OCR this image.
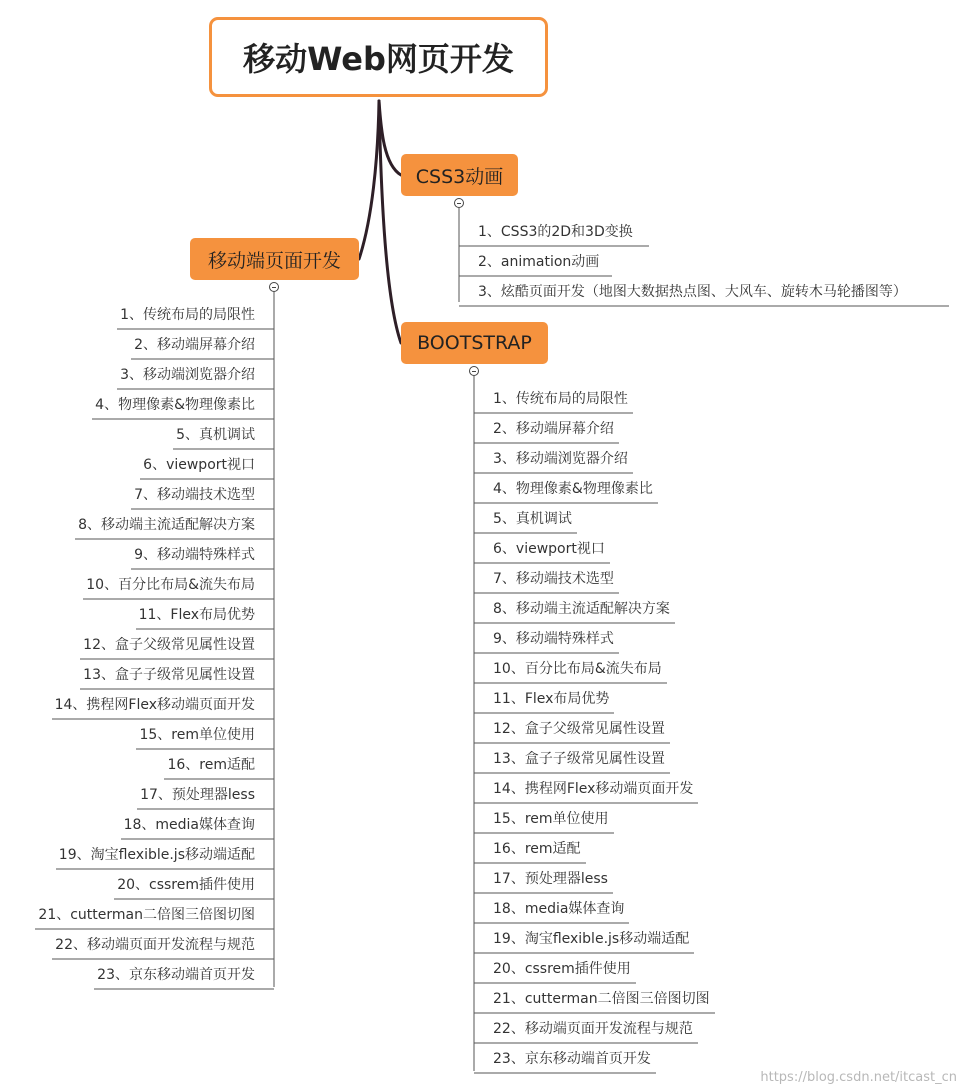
移动Web网页开发
CSS3动画
移动端页面开发
BOOTSTRAP
1、CSS3的2D和3D变换
2、animation动画
3、炫酷页面开发（地图大数据热点图、大风车、旋转木马轮播图等）
1、传统布局的局限性
2、移动端屏幕介绍
3、移动端浏览器介绍
4、物理像素&物理像素比
5、真机调试
6、viewport视口
7、移动端技术选型
8、移动端主流适配解决方案
9、移动端特殊样式
10、百分比布局&流失布局
11、Flex布局优势
12、盒子父级常见属性设置
13、盒子子级常见属性设置
14、携程网Flex移动端页面开发
15、rem单位使用
16、rem适配
17、预处理器less
18、media媒体查询
19、淘宝flexible.js移动端适配
20、cssrem插件使用
21、cutterman二倍图三倍图切图
22、移动端页面开发流程与规范
23、京东移动端首页开发
1、传统布局的局限性
2、移动端屏幕介绍
3、移动端浏览器介绍
4、物理像素&物理像素比
5、真机调试
6、viewport视口
7、移动端技术选型
8、移动端主流适配解决方案
9、移动端特殊样式
10、百分比布局&流失布局
11、Flex布局优势
12、盒子父级常见属性设置
13、盒子子级常见属性设置
14、携程网Flex移动端页面开发
15、rem单位使用
16、rem适配
17、预处理器less
18、media媒体查询
19、淘宝flexible.js移动端适配
20、cssrem插件使用
21、cutterman二倍图三倍图切图
22、移动端页面开发流程与规范
23、京东移动端首页开发
https://blog.csdn.net/itcast_cn
